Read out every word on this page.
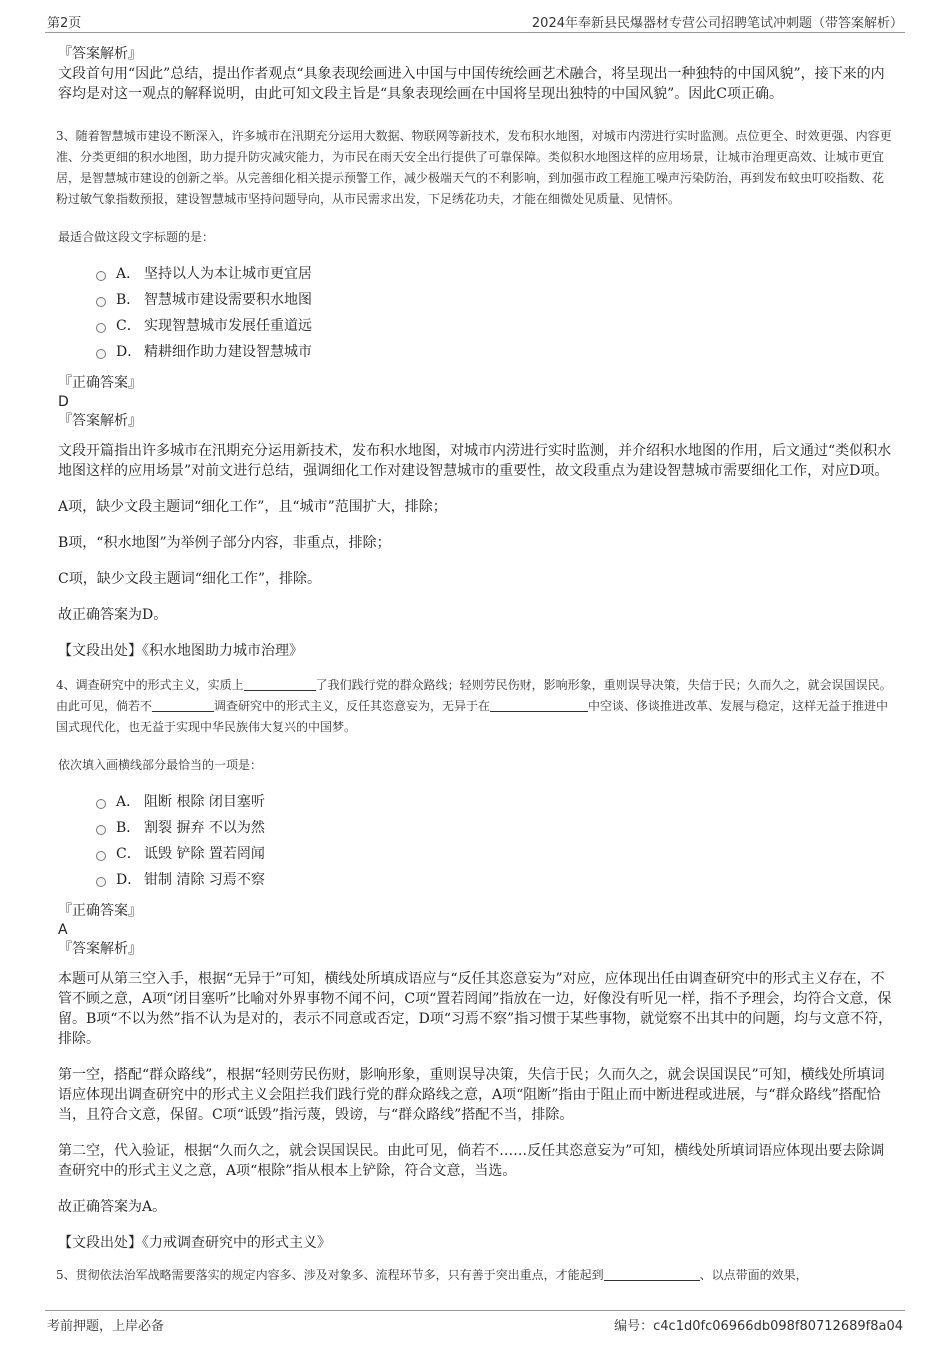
第2页	2024年奉新县民爆器材专营公司招聘笔试冲刺题（带答案解析）
『答案解析』
文段首句用“因此”总结，提出作者观点“具象表现绘画进入中国与中国传统绘画艺术融合，将呈现出一种独特的中国风貌”，接下来的内容均是对这一观点的解释说明，由此可知文段主旨是“具象表现绘画在中国将呈现出独特的中国风貌”。因此C项正确。
3、随着智慧城市建设不断深入，许多城市在汛期充分运用大数据、物联网等新技术，发布积水地图，对城市内涝进行实时监测。点位更全、时效更强、内容更准、分类更细的积水地图，助力提升防灾减灾能力，为市民在雨天安全出行提供了可靠保障。类似积水地图这样的应用场景，让城市治理更高效、让城市更宜居，是智慧城市建设的创新之举。从完善细化相关提示预警工作，减少极端天气的不利影响，到加强市政工程施工噪声污染防治，再到发布蚊虫叮咬指数、花粉过敏气象指数预报，建设智慧城市坚持问题导向，从市民需求出发，下足绣花功夫，才能在细微处见质量、见情怀。
最适合做这段文字标题的是：
A． 坚持以人为本让城市更宜居
B． 智慧城市建设需要积水地图
C． 实现智慧城市发展任重道远
D． 精耕细作助力建设智慧城市
『正确答案』
D
『答案解析』
文段开篇指出许多城市在汛期充分运用新技术，发布积水地图，对城市内涝进行实时监测，并介绍积水地图的作用，后文通过“类似积水地图这样的应用场景”对前文进行总结，强调细化工作对建设智慧城市的重要性，故文段重点为建设智慧城市需要细化工作，对应D项。
A项，缺少文段主题词“细化工作”，且“城市”范围扩大，排除；
B项，“积水地图”为举例子部分内容，非重点，排除；
C项，缺少文段主题词“细化工作”，排除。
故正确答案为D。
【文段出处】《积水地图助力城市治理》
4、调查研究中的形式主义，实质上	了我们践行党的群众路线；轻则劳民伤财，影响形象，重则误导决策，失信于民；久而久之，就会误国误民。由此可见，倘若不	调查研究中的形式主义，反任其恣意妄为，无异于在	中空谈、侈谈推进改革、发展与稳定，这样无益于推进中国式现代化，也无益于实现中华民族伟大复兴的中国梦。
依次填入画横线部分最恰当的一项是：
A． 阻断 根除 闭目塞听
B． 割裂 摒弃 不以为然
C． 诋毁 铲除 置若罔闻
D． 钳制 清除 习焉不察
『正确答案』
A
『答案解析』
本题可从第三空入手，根据“无异于”可知，横线处所填成语应与“反任其恣意妄为”对应，应体现出任由调查研究中的形式主义存在，不管不顾之意，A项“闭目塞听”比喻对外界事物不闻不问，C项“置若罔闻”指放在一边，好像没有听见一样，指不予理会，均符合文意，保留。B项“不以为然”指不认为是对的，表示不同意或否定，D项“习焉不察”指习惯于某些事物，就觉察不出其中的问题，均与文意不符，排除。
第一空，搭配“群众路线”，根据“轻则劳民伤财，影响形象，重则误导决策，失信于民；久而久之，就会误国误民”可知，横线处所填词语应体现出调查研究中的形式主义会阻拦我们践行党的群众路线之意，A项“阻断”指由于阻止而中断进程或进展，与“群众路线”搭配恰当，且符合文意，保留。C项“诋毁”指污蔑，毁谤，与“群众路线”搭配不当，排除。
第二空，代入验证，根据“久而久之，就会误国误民。由此可见，倘若不……反任其恣意妄为”可知，横线处所填词语应体现出要去除调查研究中的形式主义之意，A项“根除”指从根本上铲除，符合文意，当选。
故正确答案为A。
【文段出处】《力戒调查研究中的形式主义》
5、贯彻依法治军战略需要落实的规定内容多、涉及对象多、流程环节多，只有善于突出重点，才能起到	、以点带面的效果，
考前押题，上岸必备	编号：c4c1d0fc06966db098f80712689f8a04
